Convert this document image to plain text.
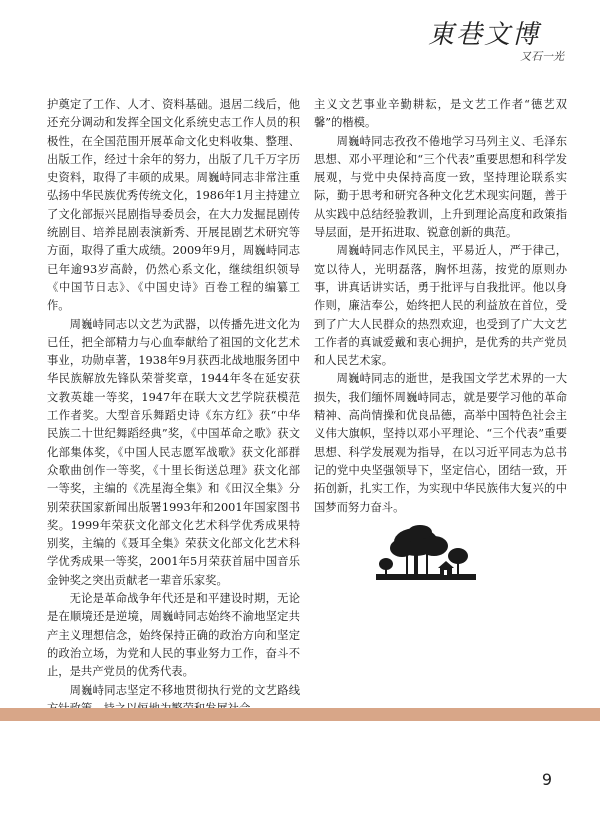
東巷文博
又石一光

护奠定了工作、人才、资料基础。退居二线后，他还充分调动和发挥全国文化系统史志工作人员的积极性，在全国范围开展革命文化史料收集、整理、出版工作，经过十余年的努力，出版了几千万字历史资料，取得了丰硕的成果。周巍峙同志非常注重弘扬中华民族优秀传统文化，1986年1月主持建立了文化部振兴昆剧指导委员会，在大力发掘昆剧传统剧目、培养昆剧表演新秀、开展昆剧艺术研究等方面，取得了重大成绩。2009年9月，周巍峙同志已年逾93岁高龄，仍然心系文化，继续组织领导《中国节日志》、《中国史诗》百卷工程的编纂工作。

周巍峙同志以文艺为武器，以传播先进文化为已任，把全部精力与心血奉献给了祖国的文化艺术事业，功勋卓著，1938年9月获西北战地服务团中华民族解放先锋队荣誉奖章，1944年冬在延安获文教英雄一等奖，1947年在联大文艺学院获模范工作者奖。大型音乐舞蹈史诗《东方红》获“中华民族二十世纪舞蹈经典”奖，《中国革命之歌》获文化部集体奖，《中国人民志愿军战歌》获文化部群众歌曲创作一等奖，《十里长街送总理》获文化部一等奖，主编的《冼星海全集》和《田汉全集》分别荣获国家新闻出版署1993年和2001年国家图书奖。1999年荣获文化部文化艺术科学优秀成果特别奖，主编的《聂耳全集》荣获文化部文化艺术科学优秀成果一等奖，2001年5月荣获首届中国音乐金钟奖之突出贡献老一辈音乐家奖。

无论是革命战争年代还是和平建设时期，无论是在顺境还是逆境，周巍峙同志始终不渝地坚定共产主义理想信念，始终保持正确的政治方向和坚定的政治立场，为党和人民的事业努力工作，奋斗不止，是共产党员的优秀代表。

周巍峙同志坚定不移地贯彻执行党的文艺路线

主义文艺事业辛勤耕耘，是文艺工作者“德艺双馨”的楷模。

周巍峙同志孜孜不倦地学习马列主义、毛泽东思想、邓小平理论和“三个代表”重要思想和科学发展观，与党中央保持高度一致，坚持理论联系实际，勤于思考和研究各种文化艺术现实问题，善于从实践中总结经验教训，上升到理论高度和政策指导层面，是开拓进取、锐意创新的典范。

周巍峙同志作风民主，平易近人，严于律己，宽以待人，光明磊落，胸怀坦荡，按党的原则办事，讲真话讲实话，勇于批评与自我批评。他以身作则，廉洁奉公，始终把人民的利益放在首位，受到了广大人民群众的热烈欢迎，也受到了广大文艺工作者的真诚爱戴和衷心拥护，是优秀的共产党员和人民艺术家。

周巍峙同志的逝世，是我国文学艺术界的一大损失，我们缅怀周巍峙同志，就是要学习他的革命精神、高尚情操和优良品德，高举中国特色社会主义伟大旗帜，坚持以邓小平理论、“三个代表”重要思想、科学发展观为指导，在以习近平同志为总书记的党中央坚强领导下，坚定信心，团结一致，开拓创新，扎实工作，为实现中华民族伟大复兴的中国梦而努力奋斗。

9
